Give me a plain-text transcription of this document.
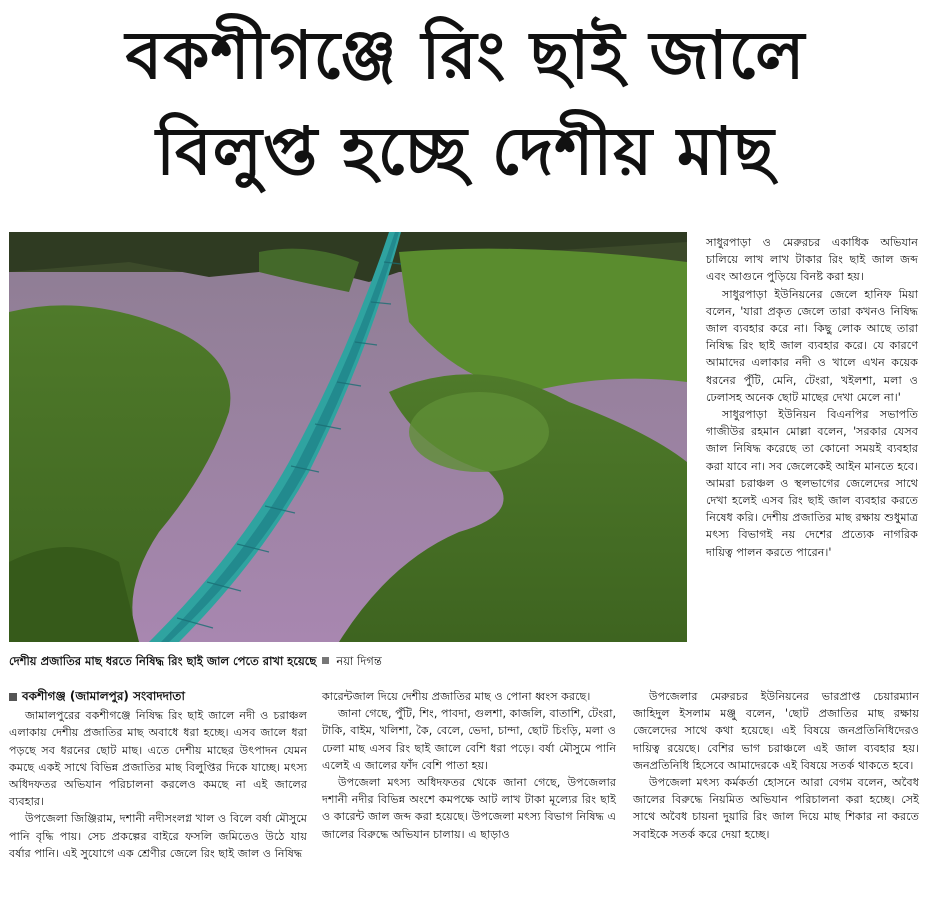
বকশীগঞ্জে রিং ছাই জালে
বিলুপ্ত হচ্ছে দেশীয় মাছ
দেশীয় প্রজাতির মাছ ধরতে নিষিদ্ধ রিং ছাই জাল পেতে রাখা হয়েছে নয়া দিগন্ত
বকশীগঞ্জ (জামালপুর) সংবাদদাতা

জামালপুরের বকশীগঞ্জে নিষিদ্ধ রিং ছাই জালে নদী ও চরাঞ্চল এলাকায় দেশীয় প্রজাতির মাছ অবাধে ধরা হচ্ছে। এসব জালে ধরা পড়ছে সব ধরনের ছোট মাছ। এতে দেশীয় মাছের উৎপাদন যেমন কমছে একই সাথে বিভিন্ন প্রজাতির মাছ বিলুপ্তির দিকে যাচ্ছে। মৎস্য অধিদফতর অভিযান পরিচালনা করলেও কমছে না এই জালের ব্যবহার।

উপজেলা জিঞ্জিরাম, দশানী নদীসংলগ্ন খাল ও বিলে বর্ষা মৌসুমে পানি বৃদ্ধি পায়। সেচ প্রকল্পের বাইরে ফসলি জমিতেও উঠে যায় বর্ষার পানি। এই সুযোগে এক শ্রেণীর জেলে রিং ছাই জাল ও নিষিদ্ধ

কারেন্টজাল দিয়ে দেশীয় প্রজাতির মাছ ও পোনা ধ্বংস করছে।

জানা গেছে, পুঁটি, শিং, পাবদা, গুলশা, কাজলি, বাতাশি, টেংরা, টাকি, বাইম, খলিশা, কৈ, বেলে, ভেদা, চান্দা, ছোট চিংড়ি, মলা ও ঢেলা মাছ এসব রিং ছাই জালে বেশি ধরা পড়ে। বর্ষা মৌসুমে পানি এলেই এ জালের ফাঁদ বেশি পাতা হয়।

উপজেলা মৎস্য অধিদফতর থেকে জানা গেছে, উপজেলার দশানী নদীর বিভিন্ন অংশে কমপক্ষে আট লাখ টাকা মূল্যের রিং ছাই ও কারেন্ট জাল জব্দ করা হয়েছে। উপজেলা মৎস্য বিভাগ নিষিদ্ধ এ জালের বিরুদ্ধে অভিযান চালায়। এ ছাড়াও

সাধুরপাড়া ও মেরুরচর একাধিক অভিযান চালিয়ে লাখ লাখ টাকার রিং ছাই জাল জব্দ এবং আগুনে পুড়িয়ে বিনষ্ট করা হয়।

সাধুরপাড়া ইউনিয়নের জেলে হানিফ মিয়া বলেন, 'যারা প্রকৃত জেলে তারা কখনও নিষিদ্ধ জাল ব্যবহার করে না। কিছু লোক আছে তারা নিষিদ্ধ রিং ছাই জাল ব্যবহার করে। যে কারণে আমাদের এলাকার নদী ও খালে এখন কয়েক ধরনের পুঁটি, মেনি, টেংরা, খইলশা, মলা ও ঢেলাসহ অনেক ছোট মাছের দেখা মেলে না।'

সাধুরপাড়া ইউনিয়ন বিএনপির সভাপতি গাজীউর রহমান মোল্লা বলেন, 'সরকার যেসব জাল নিষিদ্ধ করেছে তা কোনো সময়ই ব্যবহার করা যাবে না। সব জেলেকেই আইন মানতে হবে। আমরা চরাঞ্চল ও স্থলভাগের জেলেদের সাথে দেখা হলেই এসব রিং ছাই জাল ব্যবহার করতে নিষেধ করি। দেশীয় প্রজাতির মাছ রক্ষায় শুধুমাত্র মৎস্য বিভাগই নয় দেশের প্রত্যেক নাগরিক দায়িত্ব পালন করতে পারেন।'

উপজেলার মেরুরচর ইউনিয়নের ভারপ্রাপ্ত চেয়ারম্যান জাহিদুল ইসলাম মঞ্জু বলেন, 'ছোট প্রজাতির মাছ রক্ষায় জেলেদের সাথে কথা হয়েছে। এই বিষয়ে জনপ্রতিনিধিদেরও দায়িত্ব রয়েছে। বেশির ভাগ চরাঞ্চলে এই জাল ব্যবহার হয়। জনপ্রতিনিধি হিসেবে আমাদেরকে এই বিষয়ে সতর্ক থাকতে হবে।

উপজেলা মৎস্য কর্মকর্তা হোসনে আরা বেগম বলেন, অবৈধ জালের বিরুদ্ধে নিয়মিত অভিযান পরিচালনা করা হচ্ছে। সেই সাথে অবৈধ চায়না দুয়ারি রিং জাল দিয়ে মাছ শিকার না করতে সবাইকে সতর্ক করে দেয়া হচ্ছে।
